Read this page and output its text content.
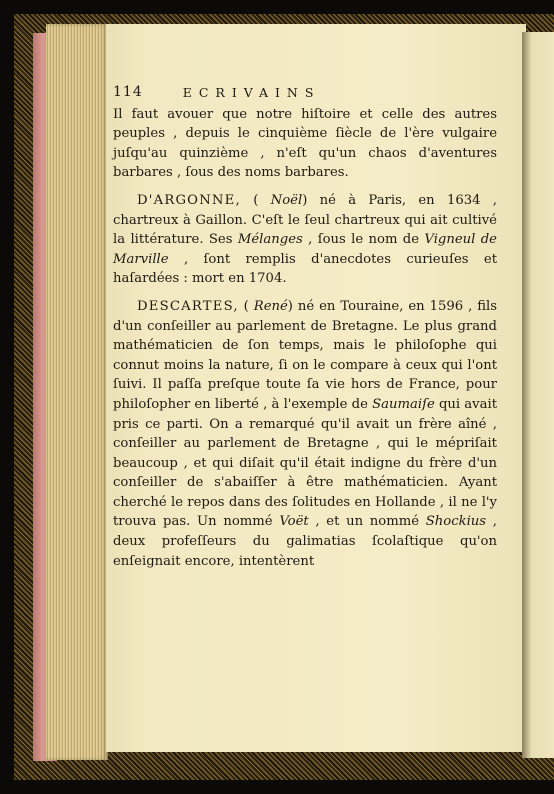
114	ECRIVAINS

Il faut avouer que notre hiſtoire et celle des autres peuples , depuis le cinquième ſiècle de l'ère vulgaire juſqu'au quinzième , n'eſt qu'un chaos d'aventures barbares , ſous des noms barbares.

D'ARGONNE, ( Noël) né à Paris, en 1634 , chartreux à Gaillon. C'eſt le ſeul chartreux qui ait cultivé la littérature. Ses Mélanges , ſous le nom de Vigneul de Marville , ſont remplis d'anecdotes curieuſes et haſardées : mort en 1704.

DESCARTES, ( René) né en Touraine, en 1596 , fils d'un conſeiller au parlement de Bretagne. Le plus grand mathématicien de ſon temps, mais le philoſophe qui connut moins la nature, ſi on le compare à ceux qui l'ont ſuivi. Il paſſa preſque toute ſa vie hors de France, pour philoſopher en liberté , à l'exemple de Saumaiſe qui avait pris ce parti. On a remarqué qu'il avait un frère aîné , conſeiller au parlement de Bretagne , qui le mépriſait beaucoup , et qui diſait qu'il était indigne du frère d'un conſeiller de s'abaiſſer à être mathématicien. Ayant cherché le repos dans des ſolitudes en Hollande , il ne l'y trouva pas. Un nommé Voët , et un nommé Shockius , deux profeſſeurs du galimatias ſcolaſtique qu'on enſeignait encore, intentèrent
